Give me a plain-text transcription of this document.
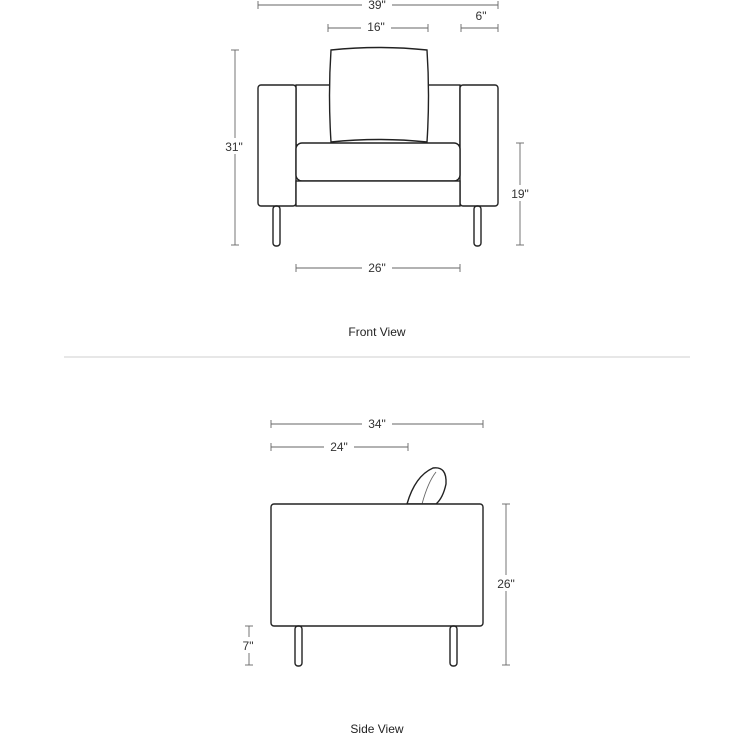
39"
16"
6"
31"
19"
26"
Front View
34"
24"
26"
7"
Side View
